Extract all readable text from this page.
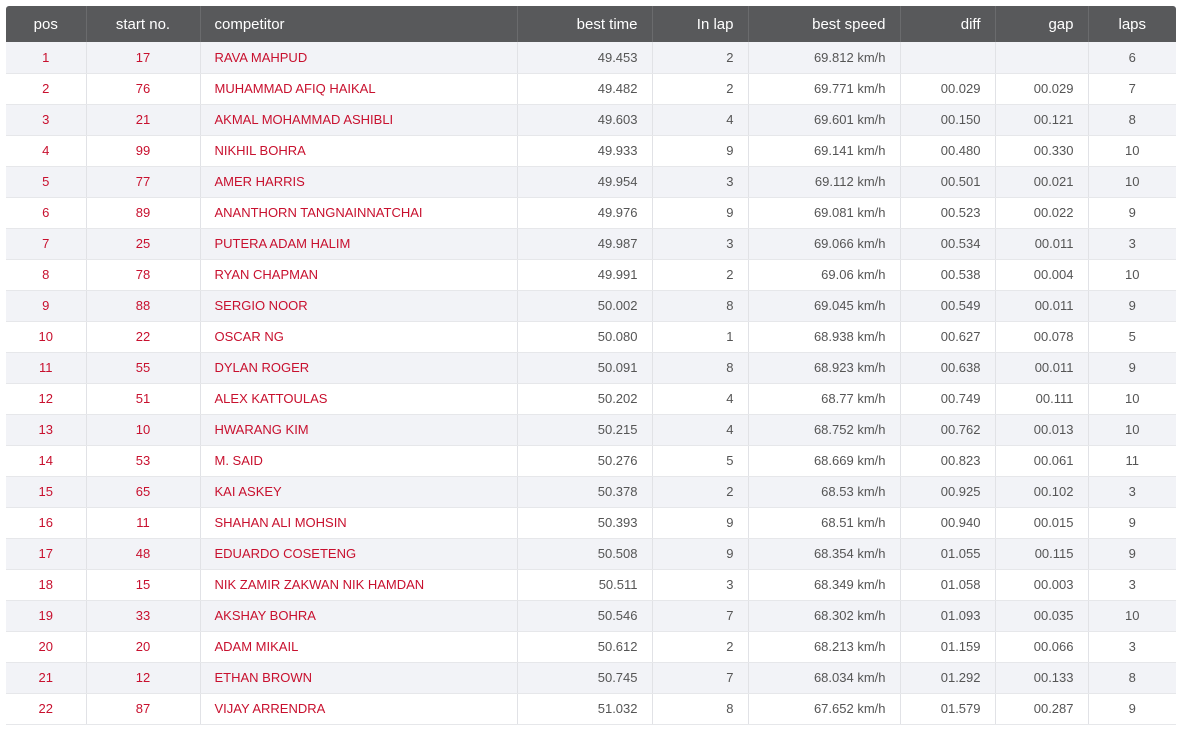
pos	start no.	competitor	best time	In lap	best speed	diff	gap	laps
1	17	RAVA MAHPUD	49.453	2	69.812 km/h			6
2	76	MUHAMMAD AFIQ HAIKAL	49.482	2	69.771 km/h	00.029	00.029	7
3	21	AKMAL MOHAMMAD ASHIBLI	49.603	4	69.601 km/h	00.150	00.121	8
4	99	NIKHIL BOHRA	49.933	9	69.141 km/h	00.480	00.330	10
5	77	AMER HARRIS	49.954	3	69.112 km/h	00.501	00.021	10
6	89	ANANTHORN TANGNAINNATCHAI	49.976	9	69.081 km/h	00.523	00.022	9
7	25	PUTERA ADAM HALIM	49.987	3	69.066 km/h	00.534	00.011	3
8	78	RYAN CHAPMAN	49.991	2	69.06 km/h	00.538	00.004	10
9	88	SERGIO NOOR	50.002	8	69.045 km/h	00.549	00.011	9
10	22	OSCAR NG	50.080	1	68.938 km/h	00.627	00.078	5
11	55	DYLAN ROGER	50.091	8	68.923 km/h	00.638	00.011	9
12	51	ALEX KATTOULAS	50.202	4	68.77 km/h	00.749	00.111	10
13	10	HWARANG KIM	50.215	4	68.752 km/h	00.762	00.013	10
14	53	M. SAID	50.276	5	68.669 km/h	00.823	00.061	11
15	65	KAI ASKEY	50.378	2	68.53 km/h	00.925	00.102	3
16	11	SHAHAN ALI MOHSIN	50.393	9	68.51 km/h	00.940	00.015	9
17	48	EDUARDO COSETENG	50.508	9	68.354 km/h	01.055	00.115	9
18	15	NIK ZAMIR ZAKWAN NIK HAMDAN	50.511	3	68.349 km/h	01.058	00.003	3
19	33	AKSHAY BOHRA	50.546	7	68.302 km/h	01.093	00.035	10
20	20	ADAM MIKAIL	50.612	2	68.213 km/h	01.159	00.066	3
21	12	ETHAN BROWN	50.745	7	68.034 km/h	01.292	00.133	8
22	87	VIJAY ARRENDRA	51.032	8	67.652 km/h	01.579	00.287	9
